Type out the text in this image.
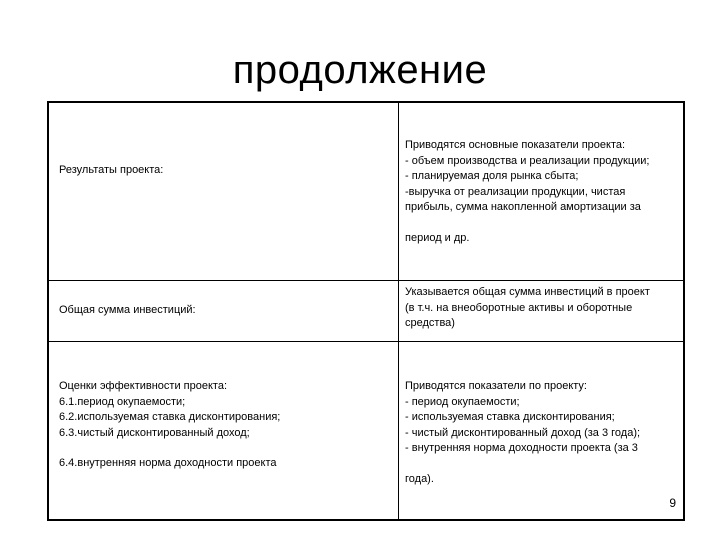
продолжение
Результаты проекта:
Приводятся основные показатели проекта:
- объем производства и реализации продукции;
- планируемая доля рынка сбыта;
-выручка от реализации продукции, чистая
прибыль, сумма накопленной амортизации за
период и др.
Общая сумма инвестиций:
Указывается общая сумма инвестиций в проект
(в т.ч. на внеоборотные активы и оборотные
средства)
Оценки эффективности проекта:
6.1.период окупаемости;
6.2.используемая ставка дисконтирования;
6.3.чистый дисконтированный доход;
6.4.внутренняя норма доходности проекта
Приводятся показатели по проекту:
- период окупаемости;
- используемая ставка дисконтирования;
- чистый дисконтированный доход (за 3 года);
- внутренняя норма доходности проекта (за 3
года).
9
